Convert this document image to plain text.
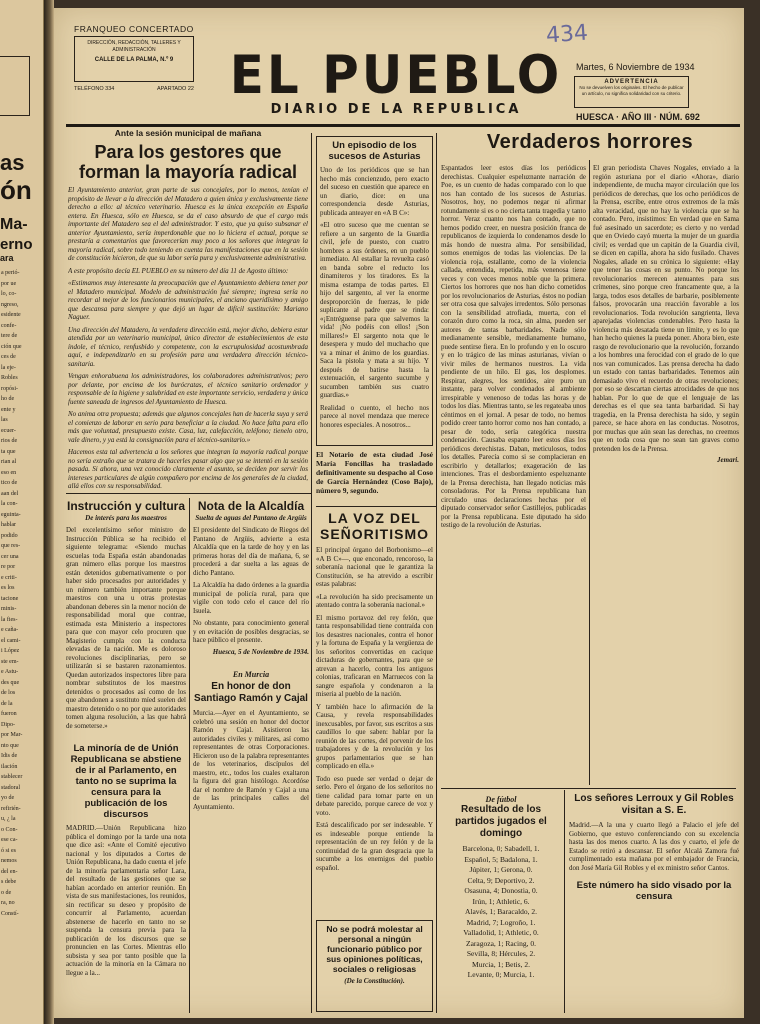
as
ón
Ma-
erno
a perió-
por ue
lo, co-
ngreso,
esidente
confe-
tere de
ción que
ces de
la eje-
Robles
ropósi-
ho de
ente y
las
ecuer-
rios de
ta que
rian al
eso en
tico de
aan del
la con-
eguinta-
hablar
podido
que res-
cer una
re por
e criti-
es los
tacione
minis-
la fies-
e caña-
el cami-
i López
ste em-
e Astu-
des que
de los
de la
fueron
Dipo-
por Mar-
nto que
Idis de
ilación
stablecer
stadoral
yo de
refirién-
u, ¿ la
o Con-
ese ca-
ó si es
nemos
del en-
s debe
o de
ra, no
Constí-
ara
FRANQUEO CONCERTADO
DIRECCIÓN, REDACCIÓN, TALLERES Y
ADMINISTRACIÓN
CALLE DE LA PALMA, N.º 9
TELÉFONO 334	APARTADO 22 EL PUEBLO
DIARIO DE LA REPUBLICA
434
Martes, 6 Noviembre de 1934
ADVERTENCIA
No se devuelven los originales. El hecho de publicar un artículo, no significa solidaridad con su criterio.
HUESCA · AÑO III · NÚM. 692
Ante la sesión municipal de mañana
Para los gestores que forman la mayoría radical
El Ayuntamiento anterior, gran parte de sus concejales, por lo menos, tenían el propósito de llevar a la dirección del Matadero a quien única y exclusivamente tiene derecho a ello: al técnico veterinario. Huesca es la única excepción en España entera. En Huesca, sólo en Huesca, se da el caso absurdo de que el cargo más importante del Matadero sea el del administrador. Y esto, que ya quiso subsanar el anterior Ayuntamiento, sería imperdonable que no lo hiciera el actual, porque se prestaría a comentarios que favorecerían muy poco a los señores que integran la mayoría radical, sobre todo teniendo en cuenta las manifestaciones que en la sesión de constitución hicieron, de que su labor sería pura y exclusivamente administrativa.
A este propósito decía EL PUEBLO en su número del día 11 de Agosto último:
«Estimamos muy interesante la preocupación que el Ayuntamiento debiera tener por el Matadero municipal. Modelo de administración fué siempre; ingresa sería no recordar al mejor de los funcionarios municipales, el anciano queridísimo y amigo que descansa para siempre y que dejó un lugar de difícil sustitución: Mariano Naguer.
Una dirección del Matadero, la verdadera dirección está, mejor dicho, debiera estar atendida por un veterinario municipal, único director de establecimientos de esta índole, el técnico, renfusbido y competente, con la escrupulosidad acostumbrada aquí, e independizarlo en su profesión para una verdadera dirección técnico-sanitaria.
Vengan enhorabuena los administradores, los colaboradores administrativos; pero por delante, por encima de los burócratas, el técnico sanitario ordenador y responsable de la higiene y salubridad en este importante servicio, verdadera y única fuente saneada de ingresos del Ayuntamiento de Huesca.
No anima otra propuesta; además que algunos concejales han de hacerla suya y será el comienzo de laborar en serio para beneficiar a la ciudad. No hace falta para ello más que voluntad, presupuesto existe. Casa, luz, calefacción, teléfono; tienelo otro, vale dinero, y ya está la consignación para el técnico-sanitario.»
Hacemos esta tal advertencia a los señores que integran la mayoría radical porque no sería extraño que se tratara de hacerles pasar algo que ya se intentó en la sesión pasada. Si ahora, una vez conocido claramente el asunto, se deciden por servir los intereses particulares de algún compañero por encima de los generales de la ciudad, allá ellos con su responsabilidad.
Instrucción y cultura
De interés para los maestros
Del excelentísimo señor ministro de Instrucción Pública se ha recibido el siguiente telegrama: «Siendo muchas escuelas toda España están abandonadas gran número ellas porque los maestros están detenidos gubernativamente o por haber sido procesados por autoridades y un número también importante porque maestros con una u otras protestas abandonan deberes sin la menor noción de responsabilidad moral que contrae, estimada esta Ministerio a inspectores para que con mayor celo procuren que Magisterio cumpla con la conducta elevadas de la nación. Me es doloroso revoluciones disciplinarias, pero se utilizarán si se bastaren razonamientos. Quedan autorizados inspectores libre para nombrar substitutos de los maestros detenidos o procesados así como de los que abandonen a sustituto míed suelen del maestro detenido o no por que autoridades tomen alguna resolución, a las que habrá de someterse.»
La minoría de de Unión Republicana se abstiene de ir al Parlamento, en tanto no se suprima la censura para la publicación de los discursos
MADRID.—Unión Republicana hizo pública el domingo por la tarde una nota que dice así: «Ante el Comité ejecutivo nacional y los diputados a Cortes de Unión Republicana, ha dado cuenta el jefe de la minoría parlamentaria señor Lara, del resultado de las gestiones que se habían acordado en anterior reunión. En vista de sus manifestaciones, los reunidos, sin rectificar su deseo y propósito de concurrir al Parlamento, acuerdan abstenerse de hacerlo en tanto no se suspenda la censura previa para la publicación de los discursos que se pronuncien en las Cortes. Mientras ello subsista y sea por tanto posible que la actuación de la minoría en la Cámara no llegue a la...
Nota de la Alcaldía
Suelta de aguas del Pantano de Argüis
El presidente del Sindicato de Riegos del Pantano de Argüis, advierte a esta Alcaldía que en la tarde de hoy y en las primeras horas del día de mañana, 6, se procederá a dar suelta a las aguas de dicho Pantano.
La Alcaldía ha dado órdenes a la guardia municipal de policía rural, para que vigile con todo celo el cauce del río Isuela.
No obstante, para conocimiento general y en evitación de posibles desgracias, se hace público el presente.
Huesca, 5 de Noviembre de 1934.
En Murcia
En honor de don Santiago Ramón y Cajal
Murcia.—Ayer en el Ayuntamiento, se celebró una sesión en honor del doctor Ramón y Cajal. Asistieron las autoridades civiles y militares, así como representantes de otras Corporaciones. Hicieron uso de la palabra representantes de los veterinarios, discípulos del maestro, etc., todos los cuales exaltaron la figura del gran histólogo. Acordóse dar el nombre de Ramón y Cajal a una de las principales calles del Ayuntamiento.
Un episodio de los sucesos de Asturias
Uno de los periódicos que se han hecho más concienzudo, pero exacto del suceso en cuestión que aparece en un diario, dice: en una correspondencia desde Asturias, publicada anteayer en «A B C»:
«El otro suceso que me cuentan se refiere a un sargento de la Guardia civil, jefe de puesto, con cuatro hombres a sus órdenes, en un pueblo inmediato. Al estallar la revuelta casó en banda sobre el reducto los dinamiteros y los tiradores. Es la misma estampa de todas partes. El hijo del sargento, al ver la enorme desproporción de fuerzas, le pide suplicante al padre que se rinda: «¡Entréguense para que salvemos la vida! ¡No podéis con ellos! ¡Son millares!» El sargento nota que le desespera y mudo del muchacho que va a minar el ánimo de los guardias. Saca la pistola y mata a su hijo. Y después de batirse hasta la extenuación, el sargento sucumbe y sucumben también sus cuatro guardias.»
Realidad o cuento, el hecho nos parece al novel mendaza que merece honores especiales. A nosotros...
El Notario de esta ciudad José María Foncillas ha trasladado definitivamente su despacho al Coso de García Hernández (Coso Bajo), número 9, segundo.
LA VOZ DEL SEÑORITISMO
El principal órgano del Borbonismo—el «A B C»—, que enconado, rencoroso, la soberanía nacional que le garantiza la Constitución, se ha atrevido a escribir estas palabras:
«La revolución ha sido precisamente un atentado contra la soberanía nacional.»
El mismo portavoz del rey felón, que tanta responsabilidad tiene contraída con los desastres nacionales, contra el honor y la fortuna de España y la vergüenza de los señoritos convertidas en cacique dictaduras de gobernantes, para que se atrevan a hacerlo, contra los antiguos colonias, traficaran en Marruecos con la sangre española y condenaron a la miseria al pueblo de la nación.
Y también hace lo afirmación de la Causa, y revela responsabilidades inexcusables, por favor, sus escritos a sus caudillos lo que saben: hablar por la reunión de las cortes, del porvenir de los trabajadores y de la revolución y los grupos parlamentarios que se han complicado en ella.»
Todo eso puede ser verdad o dejar de serlo. Pero el órgano de los señoritos no tiene calidad para tomar parte en un debate parecido, porque carece de voz y voto.
Está descalificado por ser indeseable. Y es indeseable porque entiende la representación de un rey felón y de la continuidad de la gran desgracia que la sucumbe a los enemigos del pueblo español.
No se podrá molestar al personal a ningún funcionario público por sus opiniones políticas, sociales o religiosas
(De la Constitución).
Verdaderos horrores
Espantados leer estos días los periódicos derechistas. Cualquier espeluznante narración de Poe, es un cuento de hadas comparado con lo que nos han contado de los sucesos de Asturias. Nosotros, hoy, no podemos negar ni afirmar rotundamente si es o no cierta tanta tragedia y tanto horror. Veraz cuanto nos han contado, que no hemos podido creer, en nuestra posición franca de republicanos de izquierda lo condenamos desde lo más hondo de nuestra alma. Por sensibilidad, somos enemigos de todas las violencias. De la violencia roja, estallante, como de la violencia callada, entendida, repetida, más venenosa tiene veces y con veces menos noble que la primera. Ciertos los horrores que nos han dicho cometidos por los revolucionarios de Asturias, éstos no podían ser otra cosa que salvajes irredentos. Sólo personas con la sensibilidad atrofiada, muerta, con el corazón duro como la roca, sin alma, pueden ser autores de tantas barbaridades. Nadie sólo medianamente sensible, medianamente humano, puede sentirse fiera. En lo profundo y en lo oscuro y en lo trágico de las minas asturianas, vivían o vivir miles de hermanos nuestros. La vida pendiente de un hilo. El gas, los desplomes. Respirar, alegres, los sentidos, aire puro un instante, para volver condenados al ambiente irrespirable y venenoso de todas las horas y de todos los días. Mientras tanto, se les regateaba unos céntimos en el jornal. A pesar de todo, no hemos podido creer tanto horror como nos han contado, a pesar de todo, sería categórica nuestra condenación. Causaba espanto leer estos días los periódicos derechistas. Daban, meticulosos, todos los detalles. Parecía como si se complacieran en escribirlo y detallarlos; exageración de las intenciones. Tras el desbordamiento espeluznante de la Prensa derechista, han llegado noticias más consoladoras. Por la Prensa republicana han circulado unas declaraciones hechas por el diputado conservador señor Castillejos, publicadas por la Prensa republicana. Este diputado ha sido testigo de la revolución de Asturias.
El gran periodista Chaves Nogales, enviado a la región asturiana por el diario «Ahora», diario independiente, de mucha mayor circulación que los periódicos de derechas, que los ocho periódicos de la Prensa, escribe, entre otros extremos de la más alta veracidad, que no hay la violencia que se ha contado. Pero, insistimos: En verdad que en Sama fué asesinado un sacerdote; es cierto y no verdad que en Oviedo cayó muerta la mujer de un guardia civil; es verdad que un capitán de la Guardia civil, se dicen en capilla, ahora ha sido fusilado. Chaves Nogales, añade en su crónica lo siguiente: «Hay que tener las cosas en su punto. No porque los revolucionarios merecen atenuantes para sus crímenes, sino porque creo francamente que, a la larga, todos esos detalles de barbarie, posiblemente falsos, provocarán una reacción favorable a los revolucionarios. Toda revolución sangrienta, lleva aparejadas violencias condenables. Pero hasta la violencia más desatada tiene un límite, y es lo que han hecho quienes la pueda poner. Ahora bien, este rasgo de revolucionario que la revolución, forzando a los hombres una ferocidad con el grado de lo que nos van comunicados. Las prensa derecha ha dado un estado con tantas barbaridades. Tenemos aún demasiado vivo el recuerdo de otras revoluciones; por eso se descartan ciertas atrocidades de que nos hablan. Por lo que de que el lenguaje de las derechas es el que sea tanta barbaridad. Si hay tragedia, en la Prensa derechista ha sido, y según parece, se hace ahora en las conductas. Nosotros, por muchas que aún sean las derechas, no creemos que en toda cosa que no sean tan graves como pretenden los de la Prensa.
Jemari.
De fútbol
Resultado de los partidos jugados el domingo
Barcelona, 0; Sabadell, 1.
Español, 5; Badalona, 1.
Júpiter, 1; Gerona, 0.
Celta, 9; Deportivo, 2.
Osasuna, 4; Donostia, 0.
Irún, 1; Athletic, 6.
Alavés, 1; Baracaldo, 2.
Madrid, 7; Logroño, 1.
Valladolid, 1; Athletic, 0.
Zaragoza, 1; Racing, 0.
Sevilla, 8; Hércules, 2.
Murcia, 1; Betis, 2.
Levante, 0; Murcia, 1.
Los señores Lerroux y Gil Robles visitan a S. E.
Madrid.—A la una y cuarto llegó a Palacio el jefe del Gobierno, que estuvo conferenciando con su excelencia hasta las dos menos cuarto. A las dos y cuarto, el jefe de Estado se retiró a descansar. El señor Alcalá Zamora fué cumplimentado esta mañana por el embajador de Francia, don José María Gil Robles y el ex ministro señor Cantos.
Este número ha sido visado por la censura
